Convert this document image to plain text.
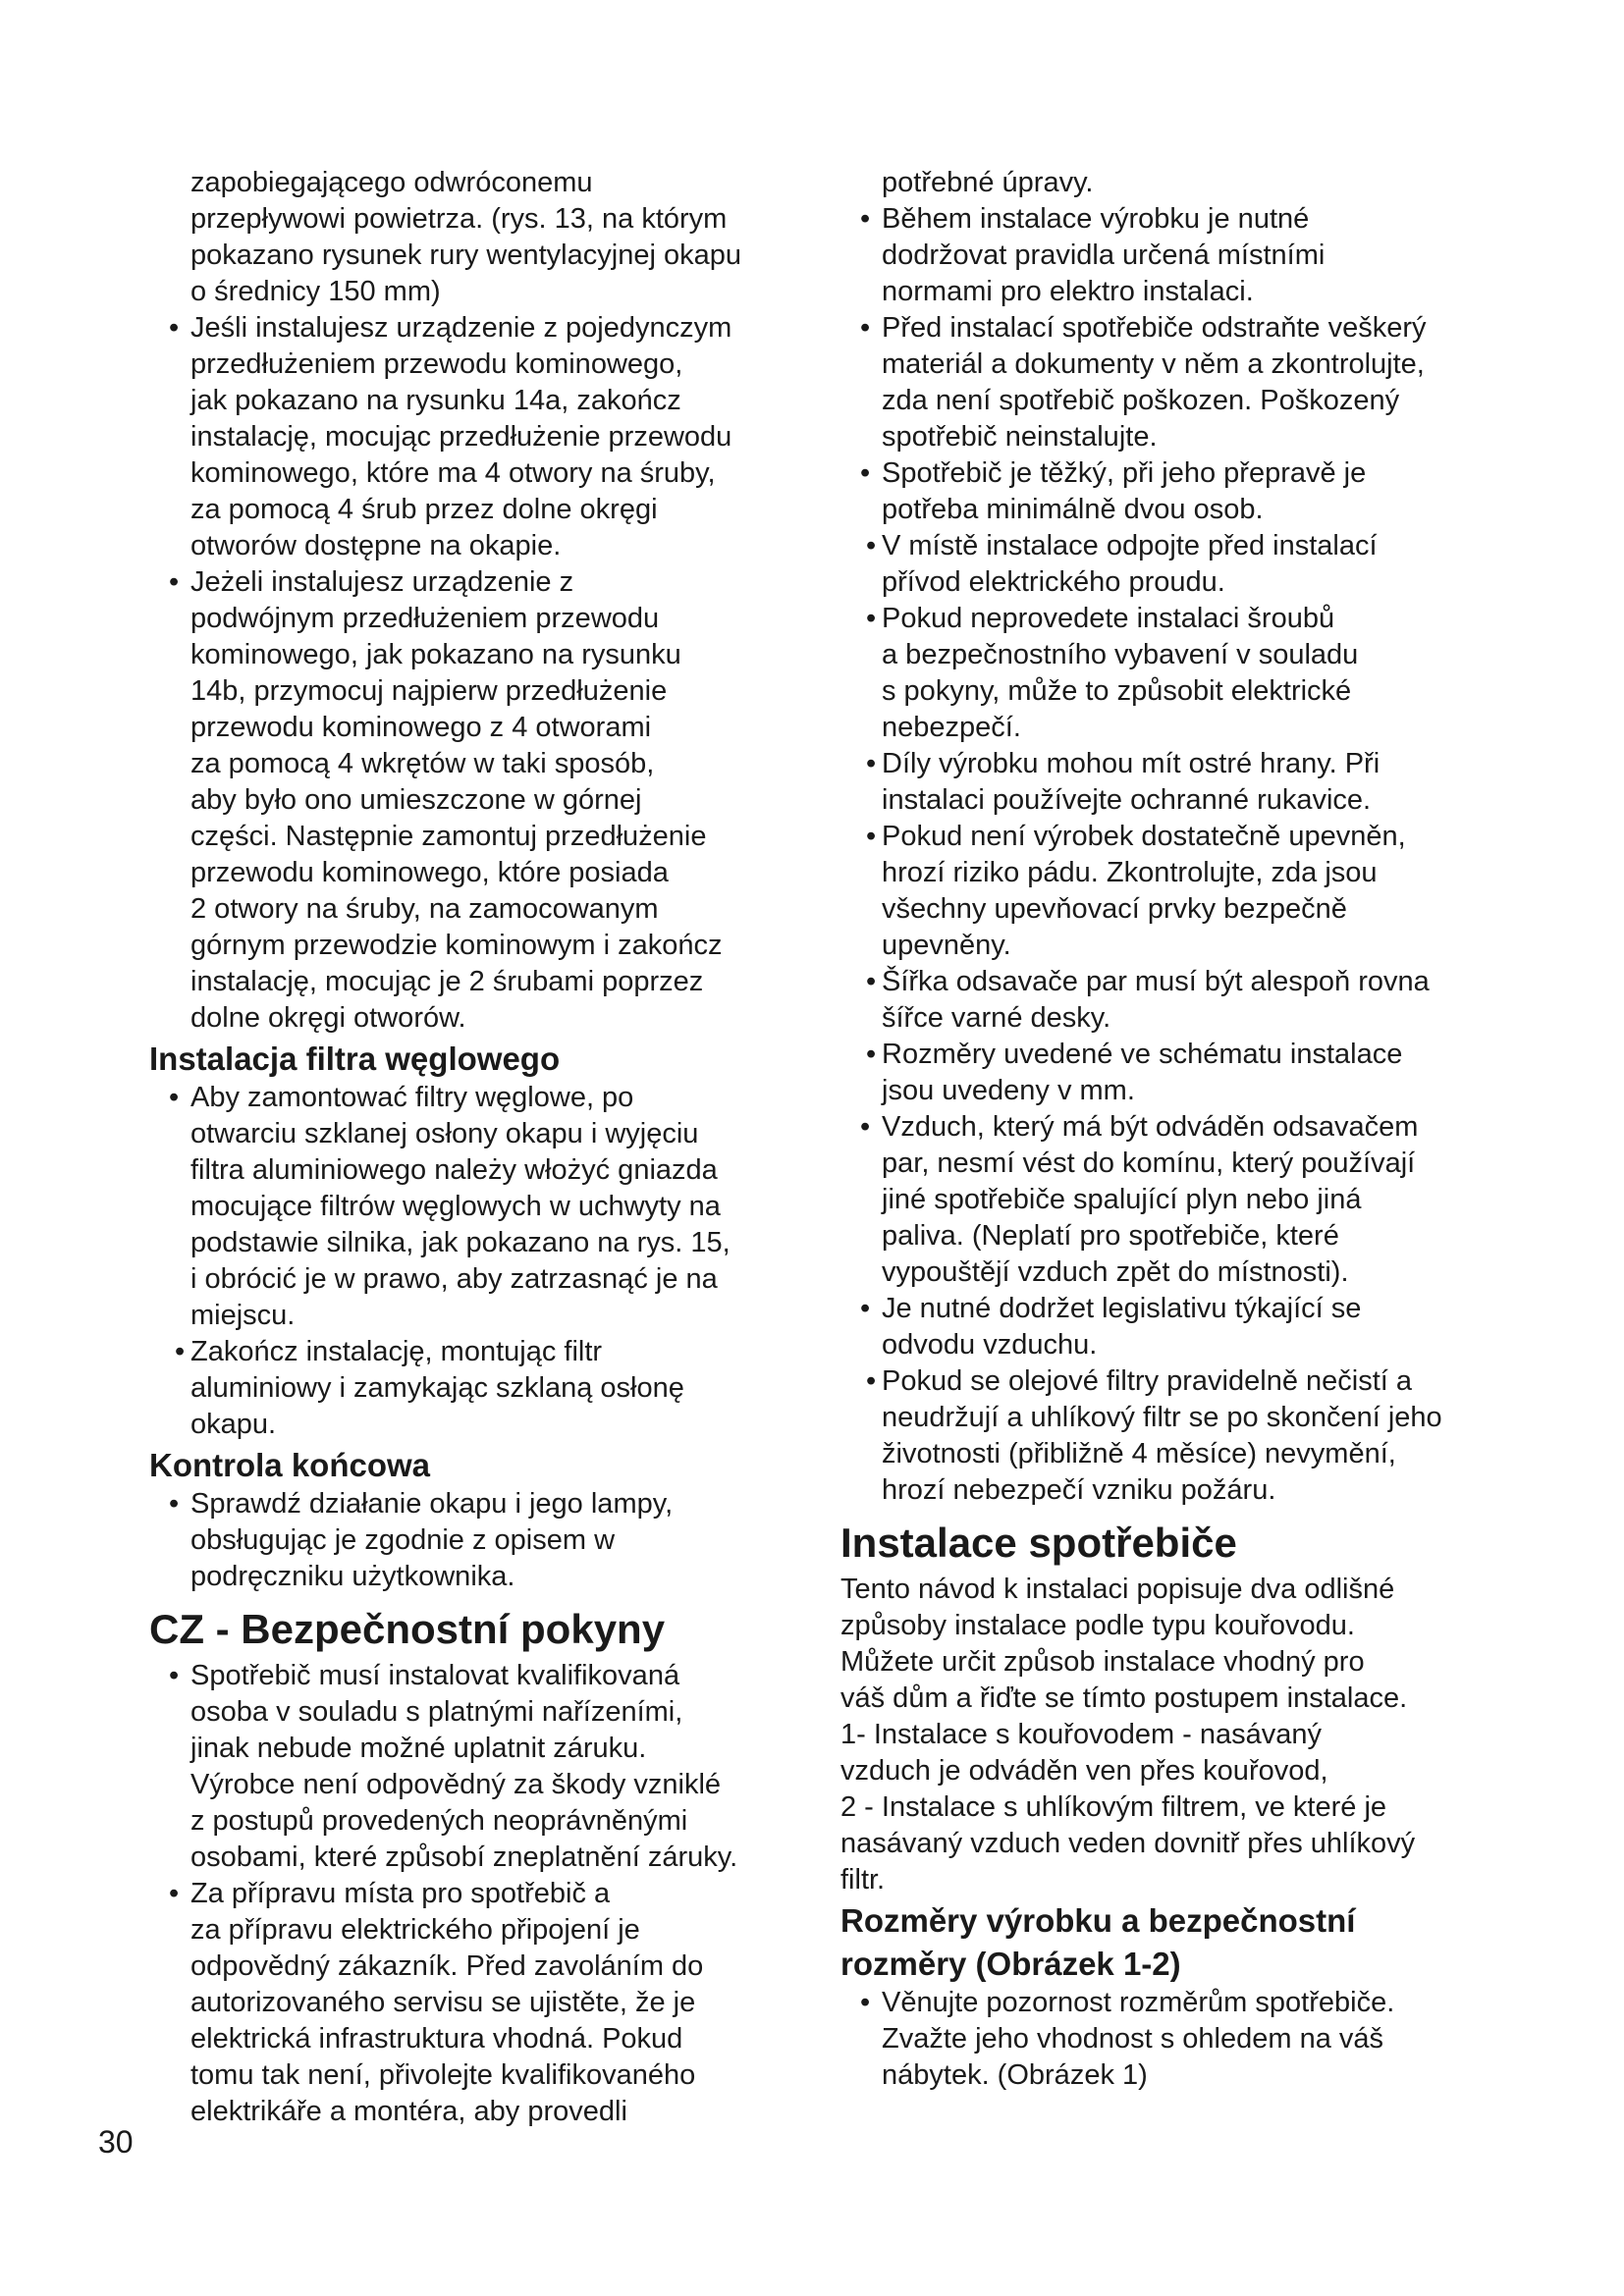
zapobiegającego odwróconemu
przepływowi powietrza. (rys. 13, na którym
pokazano rysunek rury wentylacyjnej okapu
o średnicy 150 mm)
• Jeśli instalujesz urządzenie z pojedynczym
przedłużeniem przewodu kominowego,
jak pokazano na rysunku 14a, zakończ
instalację, mocując przedłużenie przewodu
kominowego, które ma 4 otwory na śruby,
za pomocą 4 śrub przez dolne okręgi
otworów dostępne na okapie.
• Jeżeli instalujesz urządzenie z
podwójnym przedłużeniem przewodu
kominowego, jak pokazano na rysunku
14b, przymocuj najpierw przedłużenie
przewodu kominowego z 4 otworami
za pomocą 4 wkrętów w taki sposób,
aby było ono umieszczone w górnej
części. Następnie zamontuj przedłużenie
przewodu kominowego, które posiada
2 otwory na śruby, na zamocowanym
górnym przewodzie kominowym i zakończ
instalację, mocując je 2 śrubami poprzez
dolne okręgi otworów.
Instalacja filtra węglowego
• Aby zamontować filtry węglowe, po
otwarciu szklanej osłony okapu i wyjęciu
filtra aluminiowego należy włożyć gniazda
mocujące filtrów węglowych w uchwyty na
podstawie silnika, jak pokazano na rys. 15,
i obrócić je w prawo, aby zatrzasnąć je na
miejscu.
• Zakończ instalację, montując filtr
aluminiowy i zamykając szklaną osłonę
okapu.
Kontrola końcowa
• Sprawdź działanie okapu i jego lampy,
obsługując je zgodnie z opisem w
podręczniku użytkownika.
CZ - Bezpečnostní pokyny
• Spotřebič musí instalovat kvalifikovaná
osoba v souladu s platnými nařízeními,
jinak nebude možné uplatnit záruku.
Výrobce není odpovědný za škody vzniklé
z postupů provedených neoprávněnými
osobami, které způsobí zneplatnění záruky.
• Za přípravu místa pro spotřebič a
za přípravu elektrického připojení je
odpovědný zákazník. Před zavoláním do
autorizovaného servisu se ujistěte, že je
elektrická infrastruktura vhodná. Pokud
tomu tak není, přivolejte kvalifikovaného
elektrikáře a montéra, aby provedli
potřebné úpravy.
• Během instalace výrobku je nutné
dodržovat pravidla určená místními
normami pro elektro instalaci.
• Před instalací spotřebiče odstraňte veškerý
materiál a dokumenty v něm a zkontrolujte,
zda není spotřebič poškozen. Poškozený
spotřebič neinstalujte.
• Spotřebič je těžký, při jeho přepravě je
potřeba minimálně dvou osob.
• V místě instalace odpojte před instalací
přívod elektrického proudu.
• Pokud neprovedete instalaci šroubů
a bezpečnostního vybavení v souladu
s pokyny, může to způsobit elektrické
nebezpečí.
• Díly výrobku mohou mít ostré hrany. Při
instalaci používejte ochranné rukavice.
• Pokud není výrobek dostatečně upevněn,
hrozí riziko pádu. Zkontrolujte, zda jsou
všechny upevňovací prvky bezpečně
upevněny.
• Šířka odsavače par musí být alespoň rovna
šířce varné desky.
• Rozměry uvedené ve schématu instalace
jsou uvedeny v mm.
• Vzduch, který má být odváděn odsavačem
par, nesmí vést do komínu, který používají
jiné spotřebiče spalující plyn nebo jiná
paliva. (Neplatí pro spotřebiče, které
vypouštějí vzduch zpět do místnosti).
• Je nutné dodržet legislativu týkající se
odvodu vzduchu.
• Pokud se olejové filtry pravidelně nečistí a
neudržují a uhlíkový filtr se po skončení jeho
životnosti (přibližně 4 měsíce) nevymění,
hrozí nebezpečí vzniku požáru.
Instalace spotřebiče
Tento návod k instalaci popisuje dva odlišné
způsoby instalace podle typu kouřovodu.
Můžete určit způsob instalace vhodný pro
váš dům a řiďte se tímto postupem instalace.
1- Instalace s kouřovodem - nasávaný
vzduch je odváděn ven přes kouřovod,
2 - Instalace s uhlíkovým filtrem, ve které je
nasávaný vzduch veden dovnitř přes uhlíkový
filtr.
Rozměry výrobku a bezpečnostní
rozměry (Obrázek 1-2)
• Věnujte pozornost rozměrům spotřebiče.
Zvažte jeho vhodnost s ohledem na váš
nábytek. (Obrázek 1)
30
